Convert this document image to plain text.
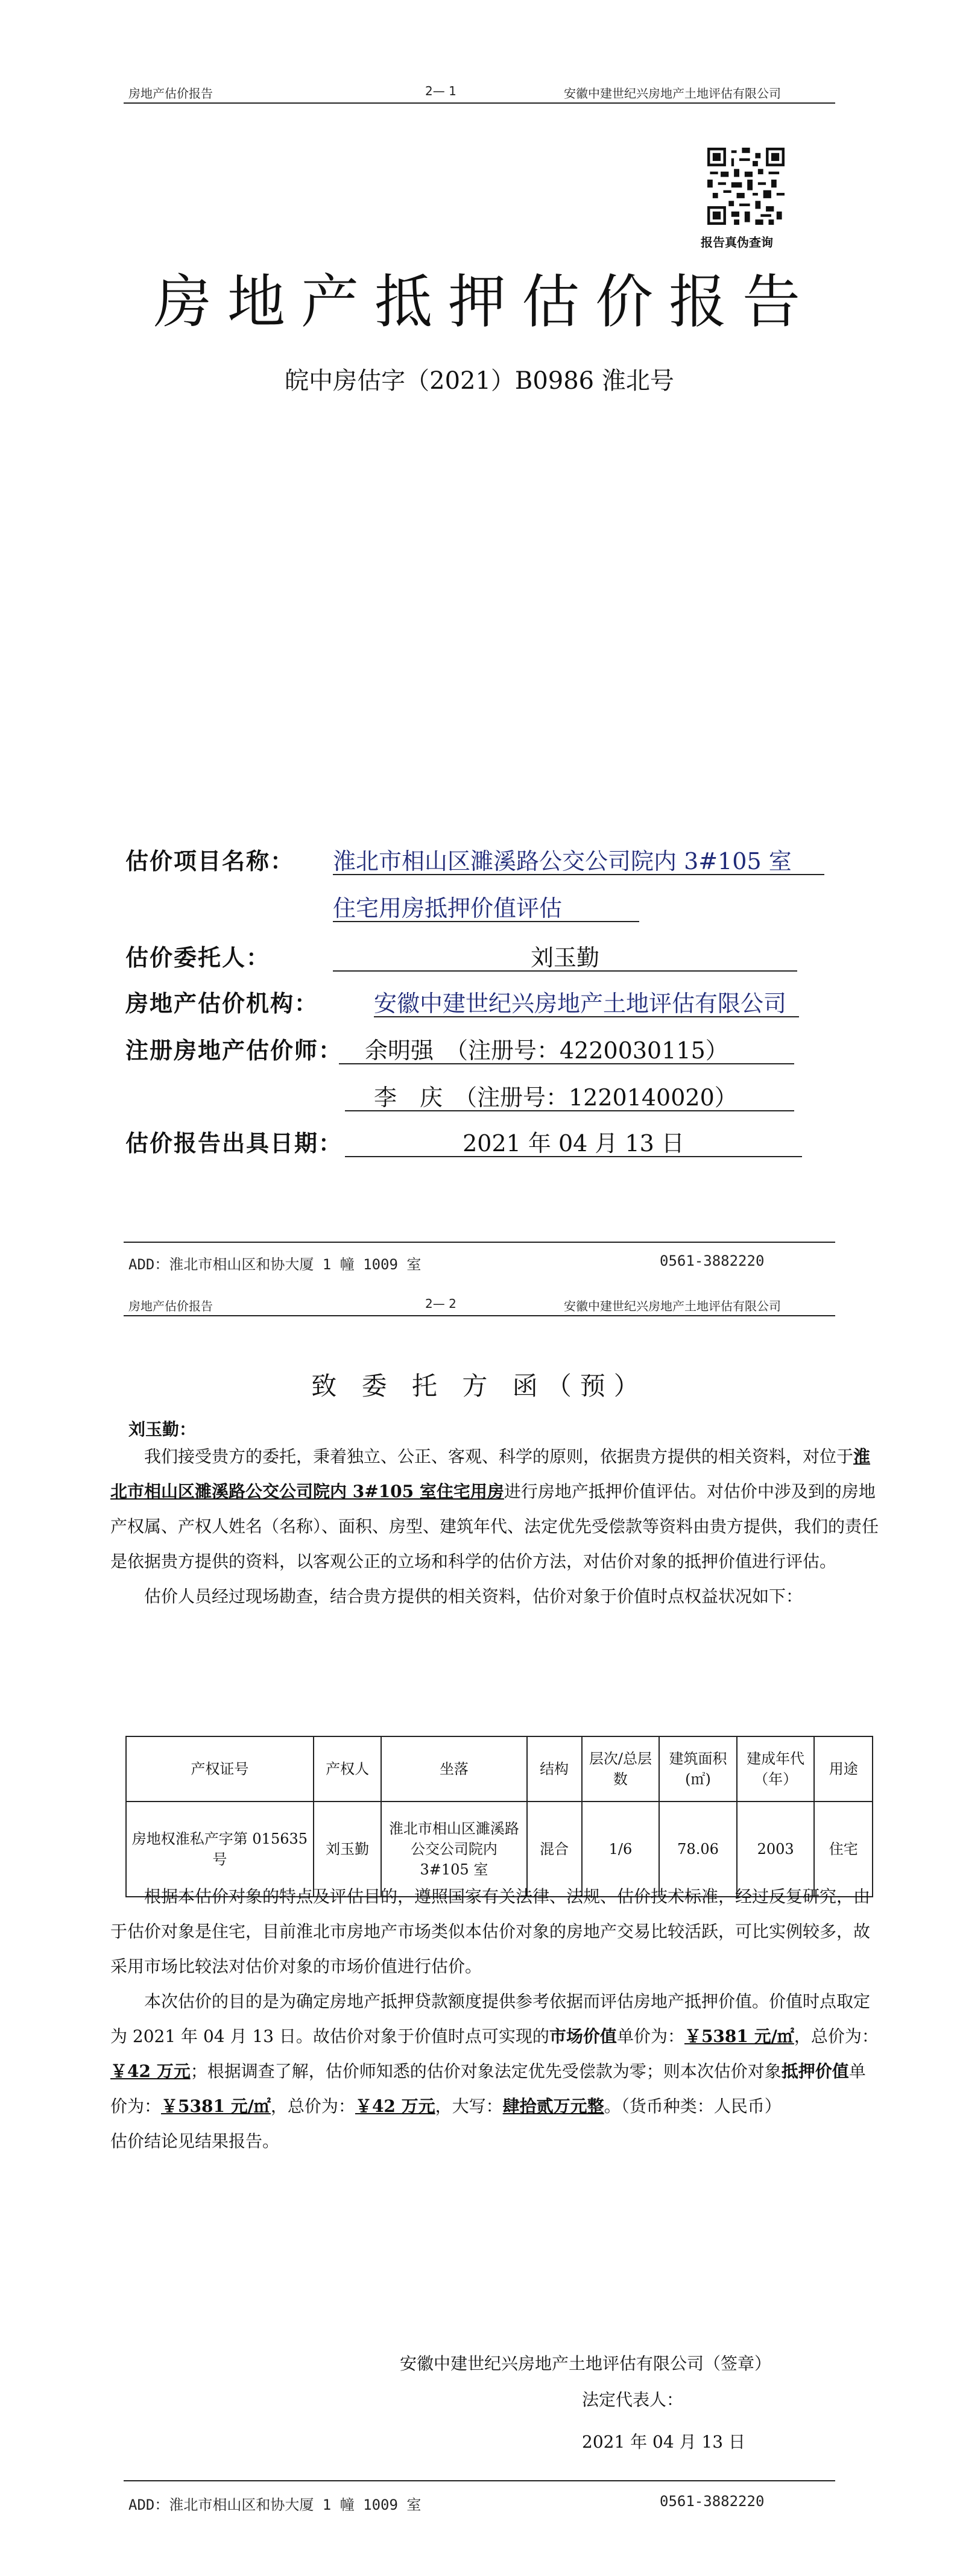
房地产估价报告	2— 1	安徽中建世纪兴房地产土地评估有限公司
报告真伪查询
房地产抵押估价报告
皖中房估字（2021）B0986 淮北号
估价项目名称： 淮北市相山区濉溪路公交公司院内 3#105 室
住宅用房抵押价值评估
估价委托人：	刘玉勤
房地产估价机构： 安徽中建世纪兴房地产土地评估有限公司
注册房地产估价师： 余明强　（注册号：4220030115）
李　庆　（注册号：1220140020）
估价报告出具日期：	2021 年 04 月 13 日
ADD：淮北市相山区和协大厦 1 幢 1009 室	0561-3882220
房地产估价报告	2— 2	安徽中建世纪兴房地产土地评估有限公司
致 委 托 方 函（预）
刘玉勤：

我们接受贵方的委托，秉着独立、公正、客观、科学的原则，依据贵方提供的相关资料，对位于淮北市相山区濉溪路公交公司院内 3#105 室住宅用房进行房地产抵押价值评估。对估价中涉及到的房地产权属、产权人姓名（名称）、面积、房型、建筑年代、法定优先受偿款等资料由贵方提供，我们的责任是依据贵方提供的资料，以客观公正的立场和科学的估价方法，对估价对象的抵押价值进行评估。

估价人员经过现场勘查，结合贵方提供的相关资料，估价对象于价值时点权益状况如下：

产权证号	产权人	坐落	结构	层次/总层数	建筑面积(㎡)	建成年代（年）	用途
房地权淮私产字第 015635 号	刘玉勤	淮北市相山区濉溪路公交公司院内 3#105 室	混合	1/6	78.06	2003	住宅

根据本估价对象的特点及评估目的，遵照国家有关法律、法规、估价技术标准，经过反复研究，由于估价对象是住宅，目前淮北市房地产市场类似本估价对象的房地产交易比较活跃，可比实例较多，故采用市场比较法对估价对象的市场价值进行估价。

本次估价的目的是为确定房地产抵押贷款额度提供参考依据而评估房地产抵押价值。价值时点取定为 2021 年 04 月 13 日。故估价对象于价值时点可实现的市场价值单价为：￥5381 元/㎡，总价为：￥42 万元；根据调查了解，估价师知悉的估价对象法定优先受偿款为零；则本次估价对象抵押价值单价为：￥5381 元/㎡，总价为：￥42 万元，大写：肆拾贰万元整。（货币种类：人民币）

估价结论见结果报告。

安徽中建世纪兴房地产土地评估有限公司（签章）
法定代表人：
2021 年 04 月 13 日
ADD：淮北市相山区和协大厦 1 幢 1009 室	0561-3882220
